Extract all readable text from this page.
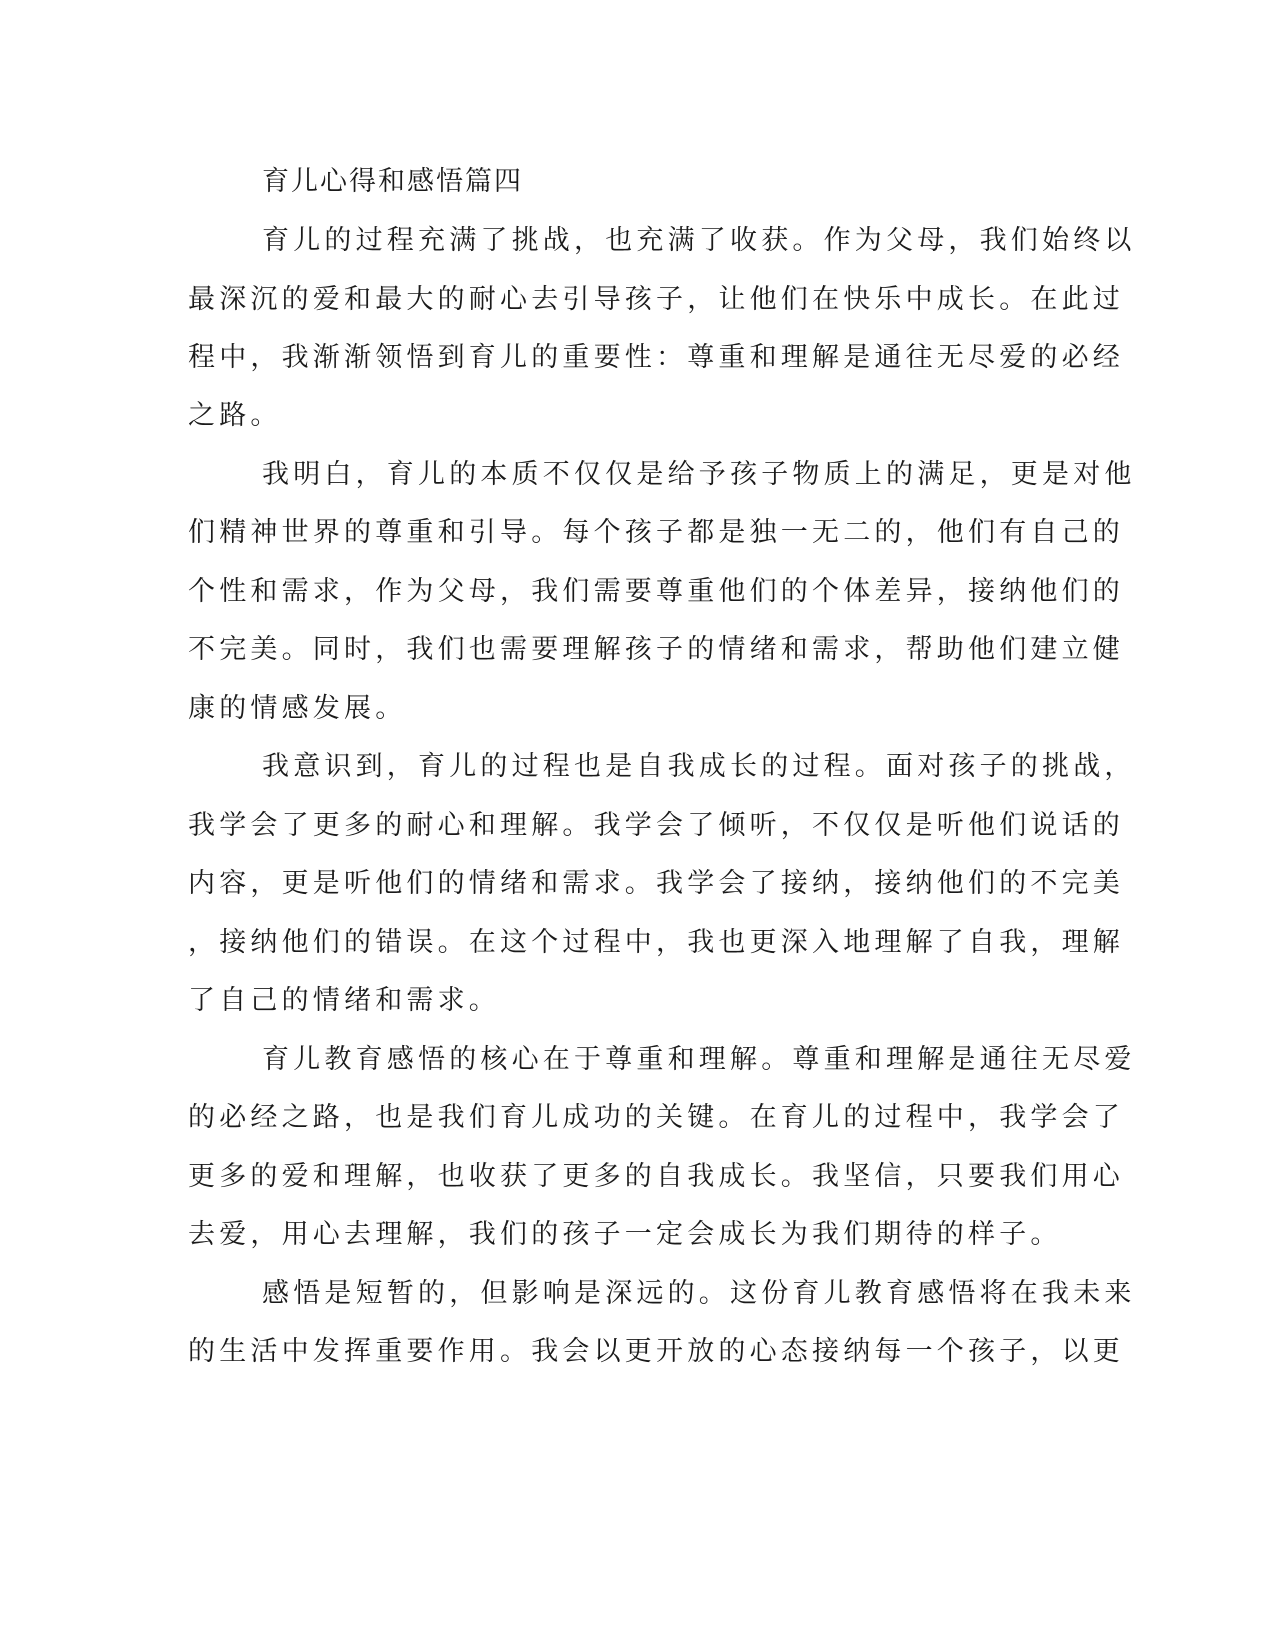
育儿心得和感悟篇四

育儿的过程充满了挑战，也充满了收获。作为父母，我们始终以

最深沉的爱和最大的耐心去引导孩子，让他们在快乐中成长。在此过

程中，我渐渐领悟到育儿的重要性：尊重和理解是通往无尽爱的必经

之路。

我明白，育儿的本质不仅仅是给予孩子物质上的满足，更是对他

们精神世界的尊重和引导。每个孩子都是独一无二的，他们有自己的

个性和需求，作为父母，我们需要尊重他们的个体差异，接纳他们的

不完美。同时，我们也需要理解孩子的情绪和需求，帮助他们建立健

康的情感发展。

我意识到，育儿的过程也是自我成长的过程。面对孩子的挑战，

我学会了更多的耐心和理解。我学会了倾听，不仅仅是听他们说话的

内容，更是听他们的情绪和需求。我学会了接纳，接纳他们的不完美

，接纳他们的错误。在这个过程中，我也更深入地理解了自我，理解

了自己的情绪和需求。

育儿教育感悟的核心在于尊重和理解。尊重和理解是通往无尽爱

的必经之路，也是我们育儿成功的关键。在育儿的过程中，我学会了

更多的爱和理解，也收获了更多的自我成长。我坚信，只要我们用心

去爱，用心去理解，我们的孩子一定会成长为我们期待的样子。

感悟是短暂的，但影响是深远的。这份育儿教育感悟将在我未来

的生活中发挥重要作用。我会以更开放的心态接纳每一个孩子，以更
